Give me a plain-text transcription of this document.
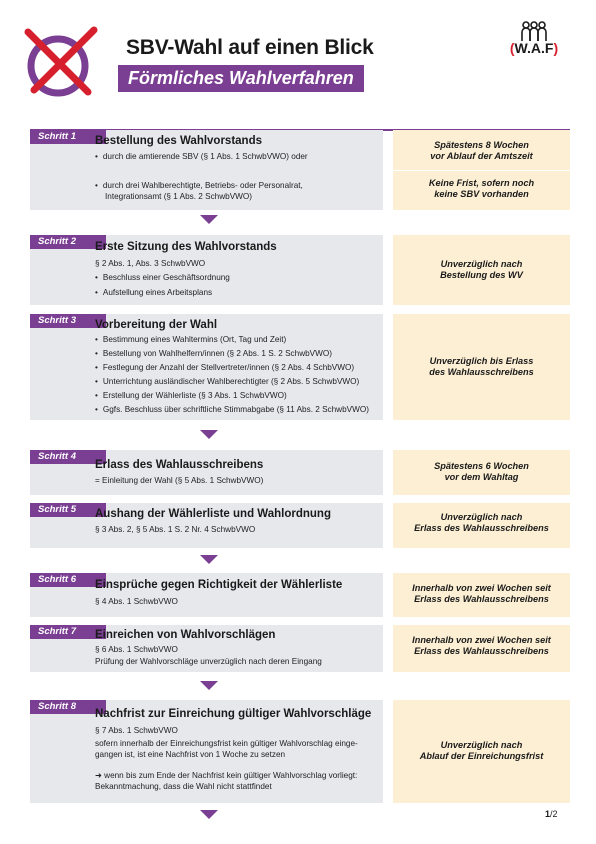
SBV-Wahl auf einen Blick
Förmliches Wahlverfahren
(W.A.F)
Schritt 1	Bestellung des Wahlvorstands
• durch die amtierende SBV (§ 1 Abs. 1 SchwbVWO) oder
• durch drei Wahlberechtigte, Betriebs- oder Personalrat,
Integrationsamt (§ 1 Abs. 2 SchwbVWO)
Spätestens 8 Wochen
vor Ablauf der Amtszeit
Keine Frist, sofern noch
keine SBV vorhanden
Schritt 2	Erste Sitzung des Wahlvorstands
§ 2 Abs. 1, Abs. 3 SchwbVWO
• Beschluss einer Geschäftsordnung
• Aufstellung eines Arbeitsplans
Unverzüglich nach
Bestellung des WV
Schritt 3	Vorbereitung der Wahl
• Bestimmung eines Wahltermins (Ort, Tag und Zeit)
• Bestellung von Wahlhelfern/innen (§ 2 Abs. 1 S. 2 SchwbVWO)
• Festlegung der Anzahl der Stellvertreter/innen (§ 2 Abs. 4 SchbVWO)
• Unterrichtung ausländischer Wahlberechtigter (§ 2 Abs. 5 SchwbVWO)
• Erstellung der Wählerliste (§ 3 Abs. 1 SchwbVWO)
• Ggfs. Beschluss über schriftliche Stimmabgabe (§ 11 Abs. 2 SchwbVWO)
Unverzüglich bis Erlass
des Wahlausschreibens
Schritt 4
Erlass des Wahlausschreibens
= Einleitung der Wahl (§ 5 Abs. 1 SchwbVWO)
Spätestens 6 Wochen
vor dem Wahltag
Schritt 5	Aushang der Wählerliste und Wahlordnung
§ 3 Abs. 2, § 5 Abs. 1 S. 2 Nr. 4 SchwbVWO
Unverzüglich nach
Erlass des Wahlausschreibens
Schritt 6	Einsprüche gegen Richtigkeit der Wählerliste
§ 4 Abs. 1 SchwbVWO
Innerhalb von zwei Wochen seit
Erlass des Wahlausschreibens
Schritt 7	Einreichen von Wahlvorschlägen
§ 6 Abs. 1 SchwbVWO
Prüfung der Wahlvorschläge unverzüglich nach deren Eingang
Innerhalb von zwei Wochen seit
Erlass des Wahlausschreibens
Schritt 8
Nachfrist zur Einreichung gültiger Wahlvorschläge
§ 7 Abs. 1 SchwbVWO
sofern innerhalb der Einreichungsfrist kein gültiger Wahlvorschlag einge-
gangen ist, ist eine Nachfrist von 1 Woche zu setzen
➜ wenn bis zum Ende der Nachfrist kein gültiger Wahlvorschlag vorliegt:
Bekanntmachung, dass die Wahl nicht stattfindet
Unverzüglich nach
Ablauf der Einreichungsfrist
1/2
